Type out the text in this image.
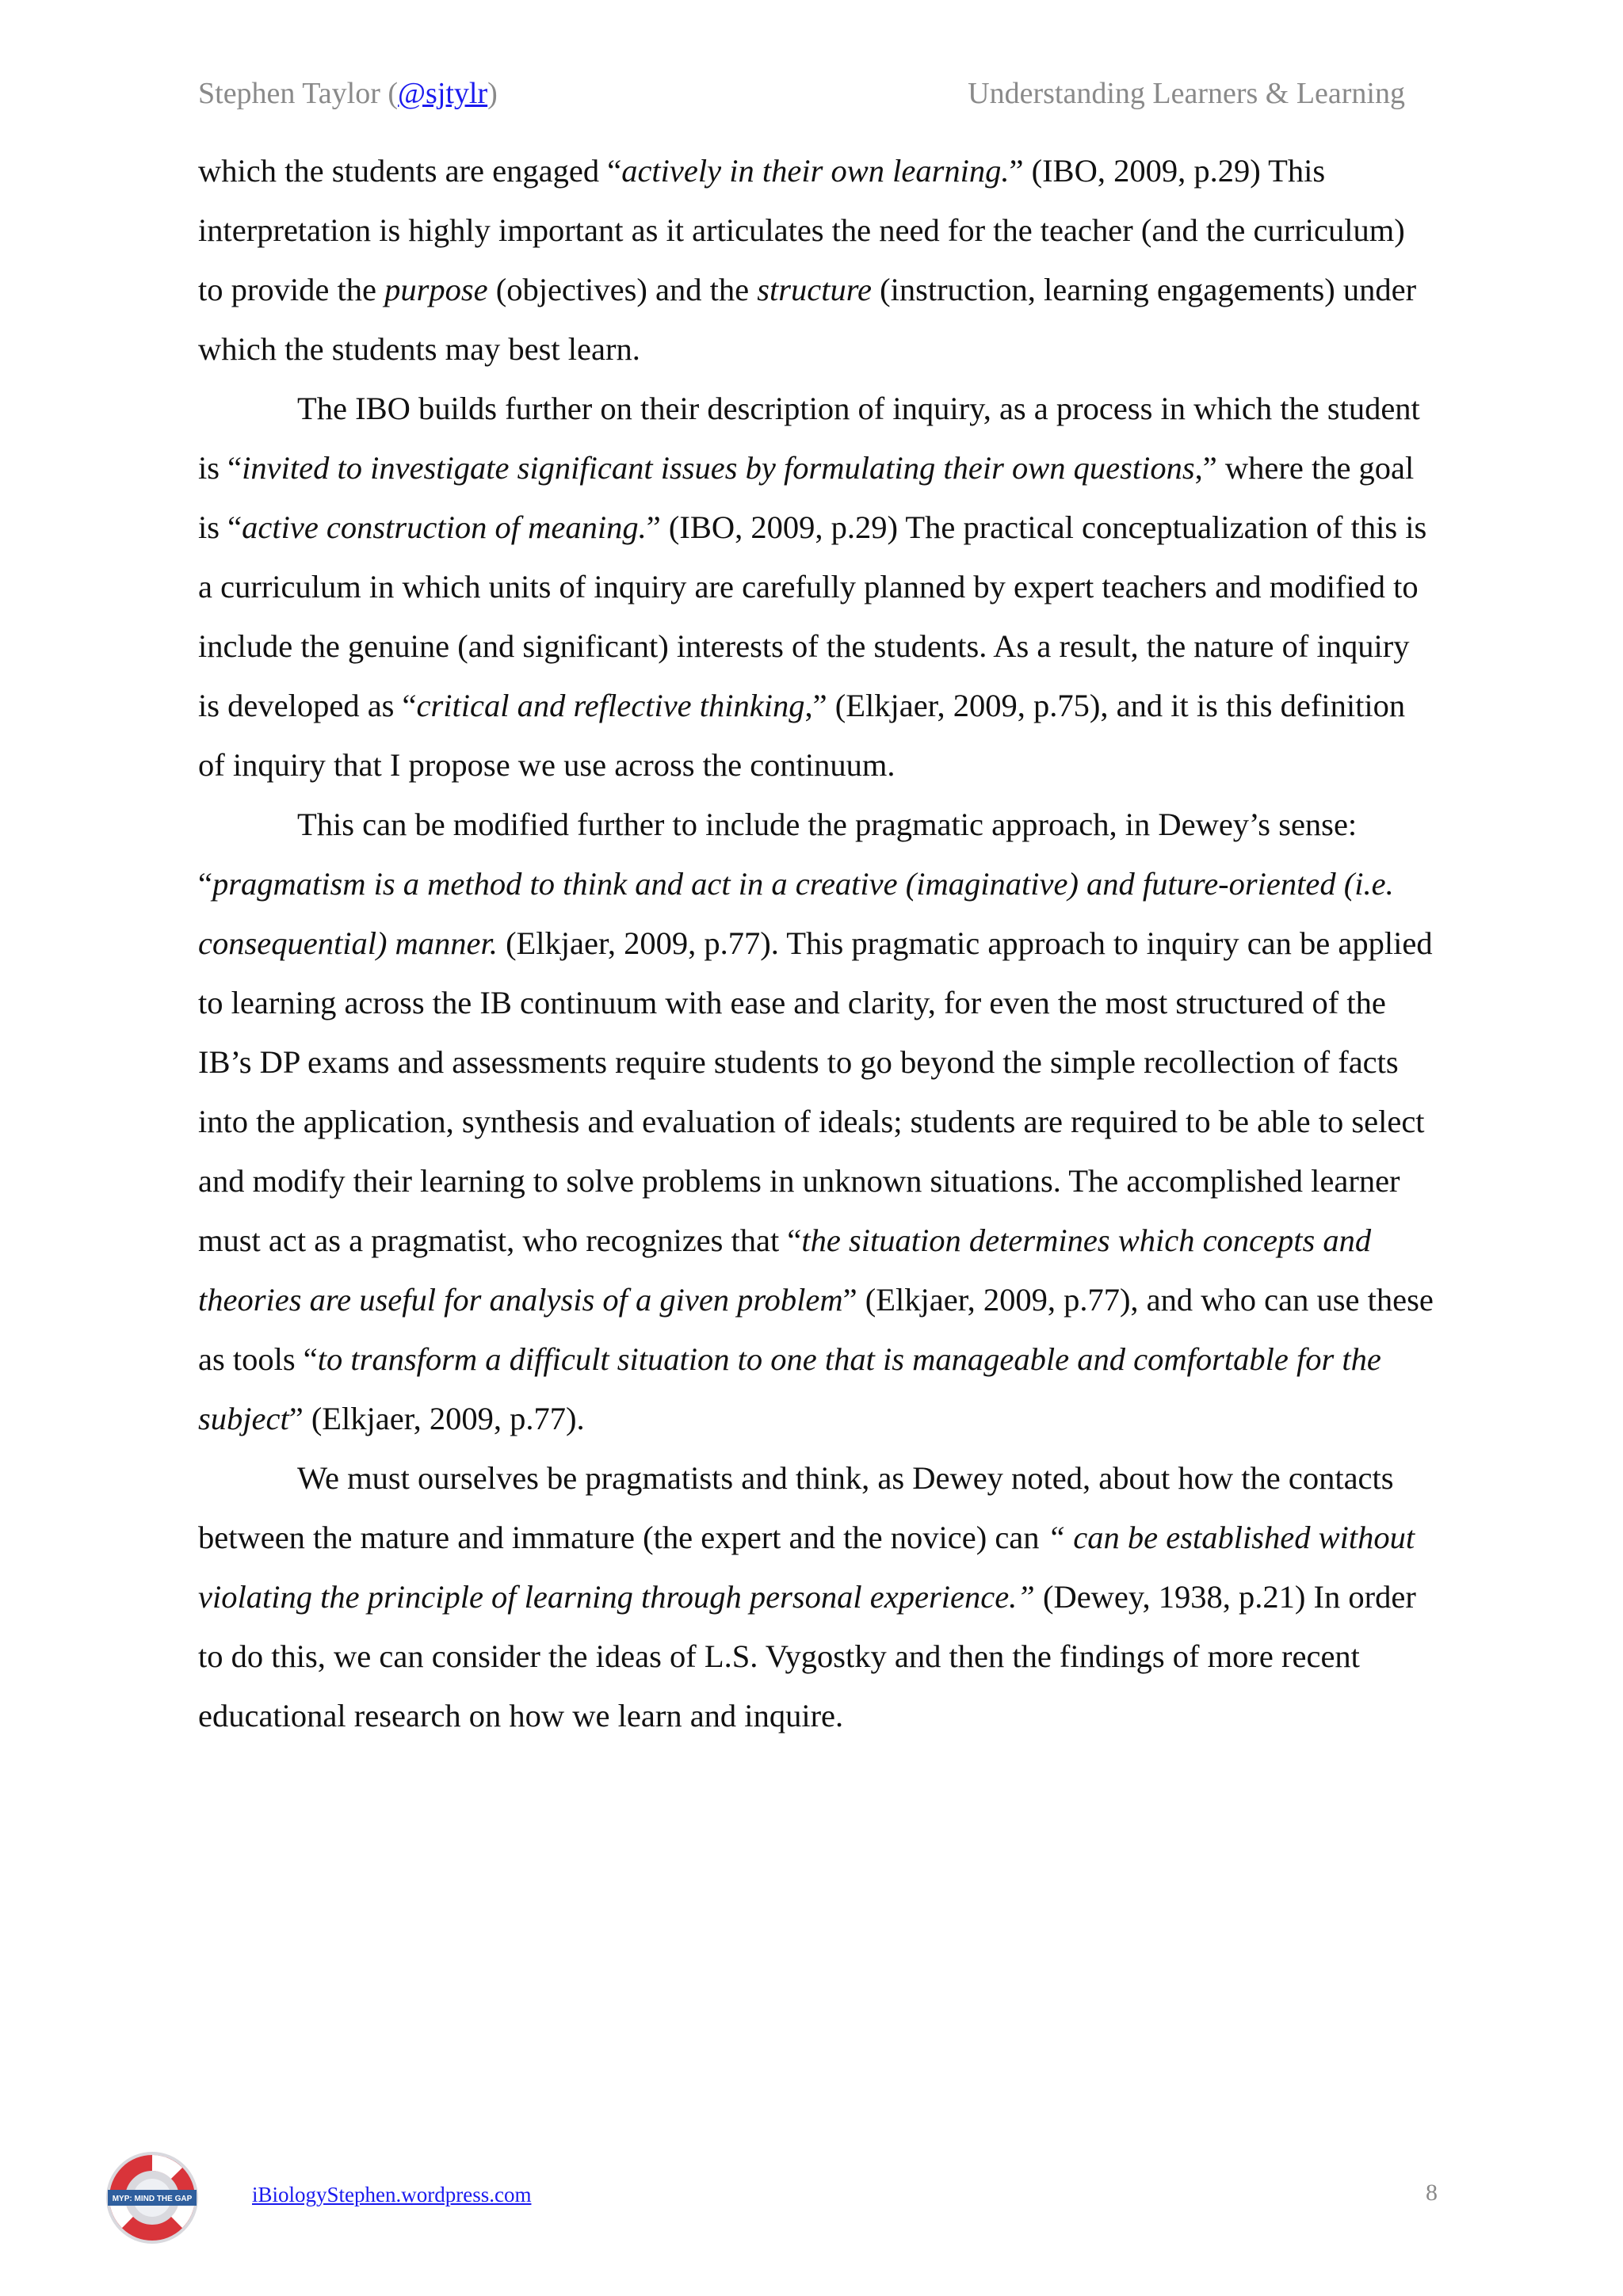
Stephen Taylor (@sjtylr)	Understanding Learners & Learning

which the students are engaged “actively in their own learning.” (IBO, 2009, p.29) This interpretation is highly important as it articulates the need for the teacher (and the curriculum) to provide the purpose (objectives) and the structure (instruction, learning engagements) under which the students may best learn.

The IBO builds further on their description of inquiry, as a process in which the student is “invited to investigate significant issues by formulating their own questions,” where the goal is “active construction of meaning.” (IBO, 2009, p.29) The practical conceptualization of this is a curriculum in which units of inquiry are carefully planned by expert teachers and modified to include the genuine (and significant) interests of the students. As a result, the nature of inquiry is developed as “critical and reflective thinking,” (Elkjaer, 2009, p.75), and it is this definition of inquiry that I propose we use across the continuum.

This can be modified further to include the pragmatic approach, in Dewey’s sense: “pragmatism is a method to think and act in a creative (imaginative) and future-oriented (i.e. consequential) manner. (Elkjaer, 2009, p.77). This pragmatic approach to inquiry can be applied to learning across the IB continuum with ease and clarity, for even the most structured of the IB’s DP exams and assessments require students to go beyond the simple recollection of facts into the application, synthesis and evaluation of ideals; students are required to be able to select and modify their learning to solve problems in unknown situations. The accomplished learner must act as a pragmatist, who recognizes that “the situation determines which concepts and theories are useful for analysis of a given problem” (Elkjaer, 2009, p.77), and who can use these as tools “to transform a difficult situation to one that is manageable and comfortable for the subject” (Elkjaer, 2009, p.77).

We must ourselves be pragmatists and think, as Dewey noted, about how the contacts between the mature and immature (the expert and the novice) can “ can be established without violating the principle of learning through personal experience.” (Dewey, 1938, p.21) In order to do this, we can consider the ideas of L.S. Vygostky and then the findings of more recent educational research on how we learn and inquire.

MYP: MIND THE GAP	iBiologyStephen.wordpress.com	8
